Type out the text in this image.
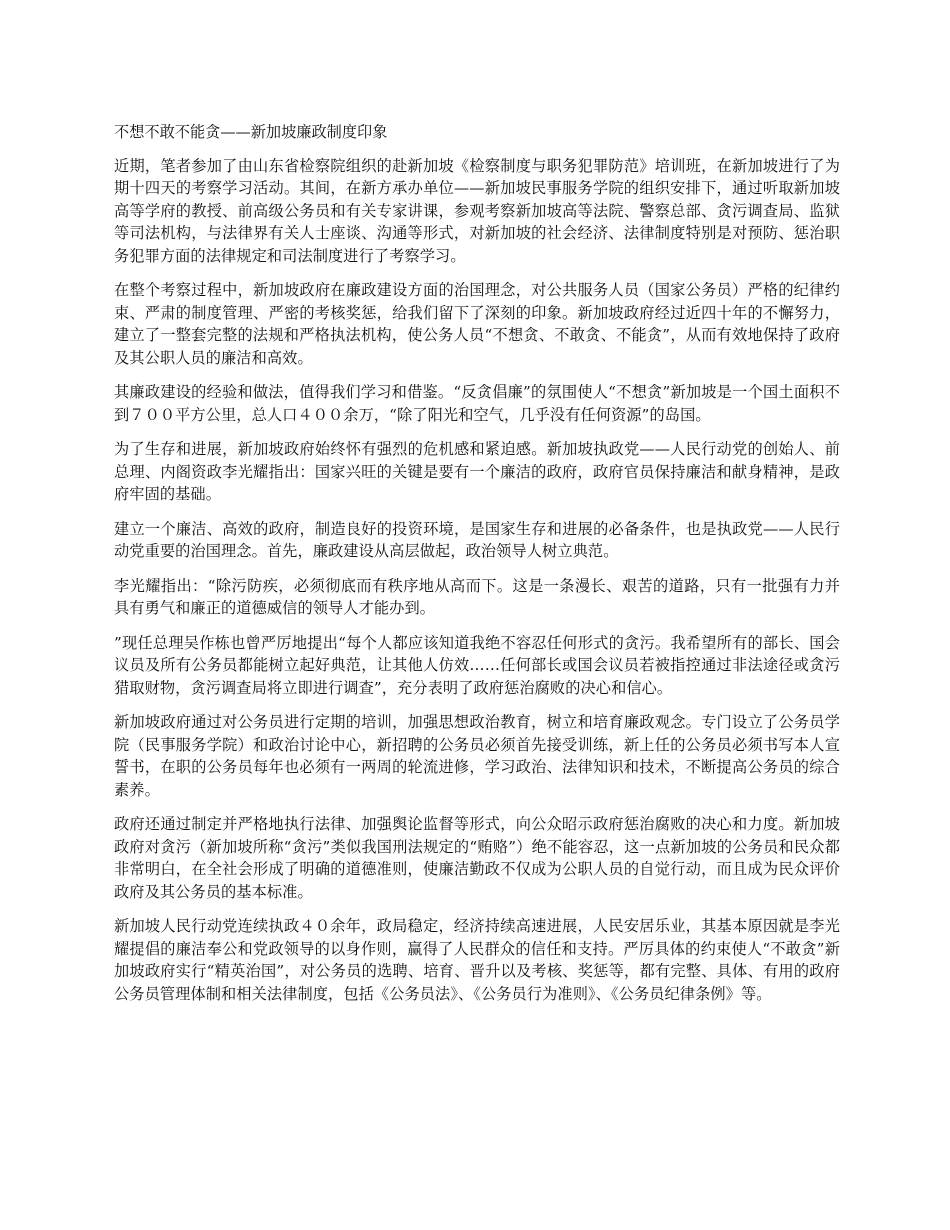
不想不敢不能贪——新加坡廉政制度印象

近期，笔者参加了由山东省检察院组织的赴新加坡《检察制度与职务犯罪防范》培训班，在新加坡进行了为期十四天的考察学习活动。其间，在新方承办单位——新加坡民事服务学院的组织安排下，通过听取新加坡高等学府的教授、前高级公务员和有关专家讲课，参观考察新加坡高等法院、警察总部、贪污调查局、监狱等司法机构，与法律界有关人士座谈、沟通等形式，对新加坡的社会经济、法律制度特别是对预防、惩治职务犯罪方面的法律规定和司法制度进行了考察学习。

在整个考察过程中，新加坡政府在廉政建设方面的治国理念，对公共服务人员（国家公务员）严格的纪律约束、严肃的制度管理、严密的考核奖惩，给我们留下了深刻的印象。新加坡政府经过近四十年的不懈努力，建立了一整套完整的法规和严格执法机构，使公务人员“不想贪、不敢贪、不能贪”，从而有效地保持了政府及其公职人员的廉洁和高效。

其廉政建设的经验和做法，值得我们学习和借鉴。“反贪倡廉”的氛围使人“不想贪”新加坡是一个国土面积不到７００平方公里，总人口４００余万，“除了阳光和空气，几乎没有任何资源”的岛国。

为了生存和进展，新加坡政府始终怀有强烈的危机感和紧迫感。新加坡执政党——人民行动党的创始人、前总理、内阁资政李光耀指出：国家兴旺的关键是要有一个廉洁的政府，政府官员保持廉洁和献身精神，是政府牢固的基础。

建立一个廉洁、高效的政府，制造良好的投资环境，是国家生存和进展的必备条件，也是执政党——人民行动党重要的治国理念。首先，廉政建设从高层做起，政治领导人树立典范。

李光耀指出：“除污防疾，必须彻底而有秩序地从高而下。这是一条漫长、艰苦的道路，只有一批强有力并具有勇气和廉正的道德威信的领导人才能办到。

”现任总理吴作栋也曾严厉地提出“每个人都应该知道我绝不容忍任何形式的贪污。我希望所有的部长、国会议员及所有公务员都能树立起好典范，让其他人仿效……任何部长或国会议员若被指控通过非法途径或贪污猎取财物，贪污调查局将立即进行调查”，充分表明了政府惩治腐败的决心和信心。

新加坡政府通过对公务员进行定期的培训，加强思想政治教育，树立和培育廉政观念。专门设立了公务员学院（民事服务学院）和政治讨论中心，新招聘的公务员必须首先接受训练，新上任的公务员必须书写本人宣誓书，在职的公务员每年也必须有一两周的轮流进修，学习政治、法律知识和技术，不断提高公务员的综合素养。

政府还通过制定并严格地执行法律、加强舆论监督等形式，向公众昭示政府惩治腐败的决心和力度。新加坡政府对贪污（新加坡所称“贪污”类似我国刑法规定的“贿赂”）绝不能容忍，这一点新加坡的公务员和民众都非常明白，在全社会形成了明确的道德准则，使廉洁勤政不仅成为公职人员的自觉行动，而且成为民众评价政府及其公务员的基本标准。

新加坡人民行动党连续执政４０余年，政局稳定，经济持续高速进展，人民安居乐业，其基本原因就是李光耀提倡的廉洁奉公和党政领导的以身作则，赢得了人民群众的信任和支持。严厉具体的约束使人“不敢贪”新加坡政府实行“精英治国”，对公务员的选聘、培育、晋升以及考核、奖惩等，都有完整、具体、有用的政府公务员管理体制和相关法律制度，包括《公务员法》、《公务员行为准则》、《公务员纪律条例》等。
